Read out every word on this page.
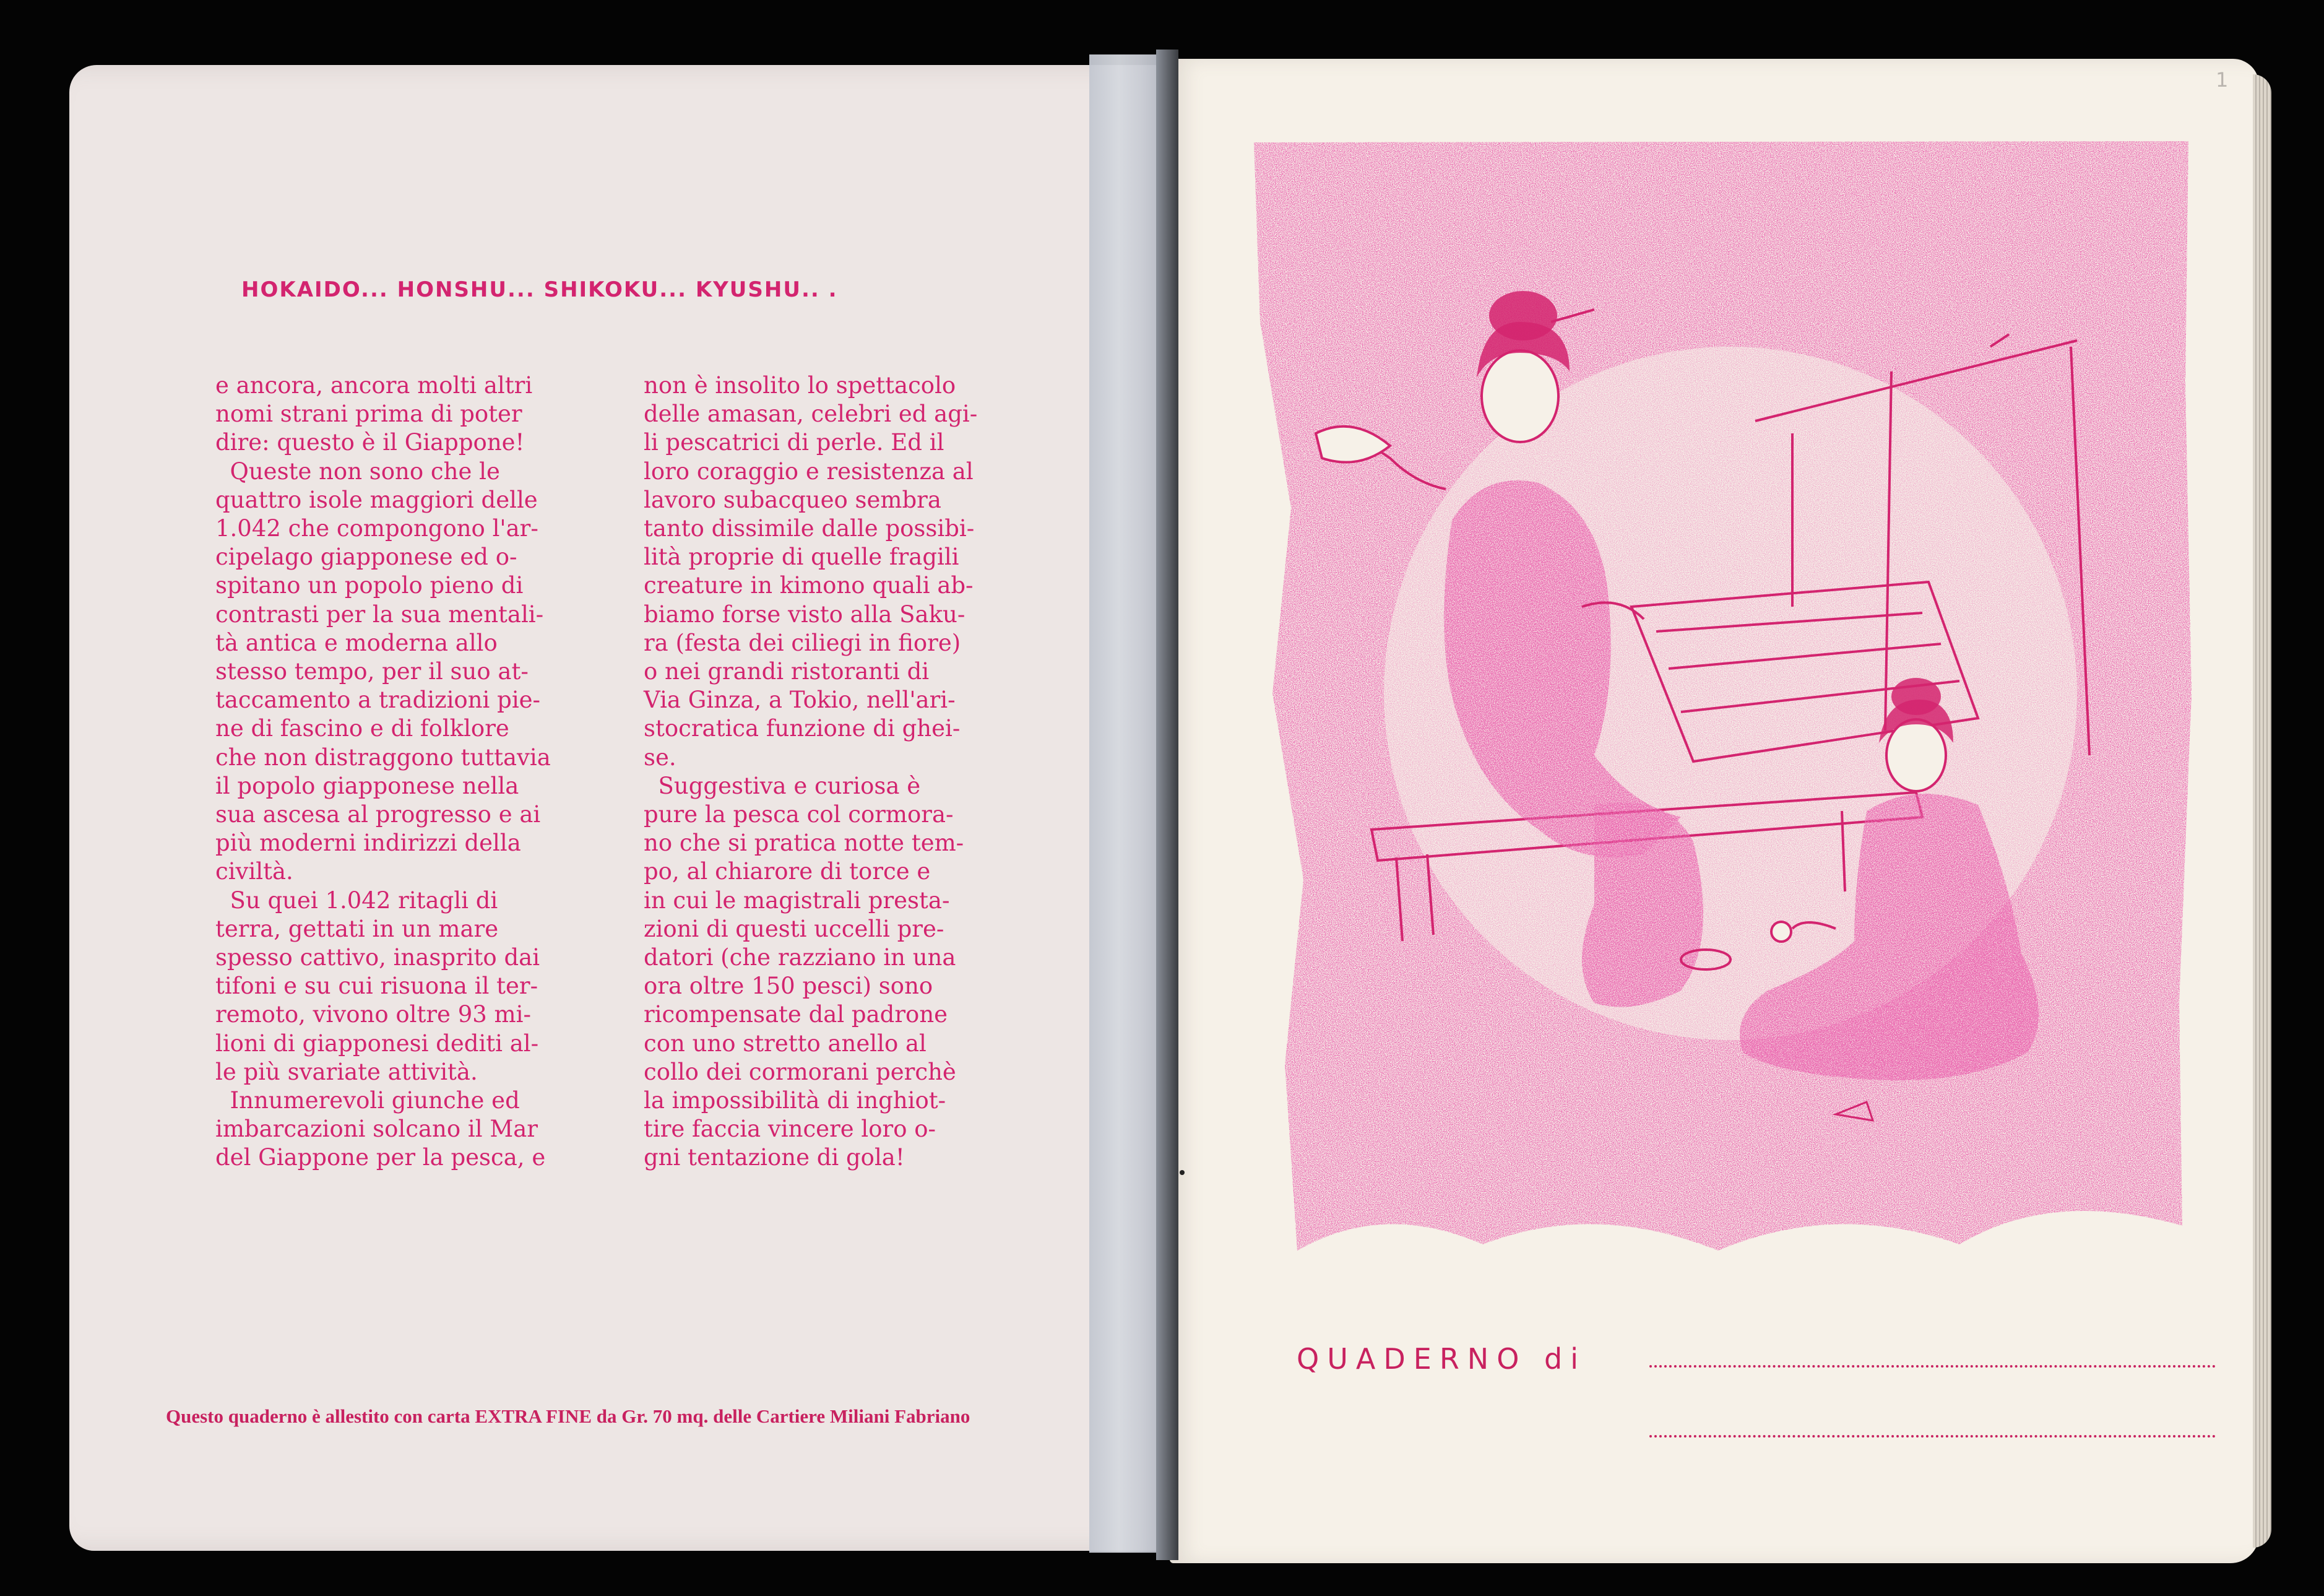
HOKAIDO... HONSHU... SHIKOKU... KYUSHU.. .
e ancora, ancora molti altri
nomi strani prima di poter
dire: questo è il Giappone!
Queste non sono che le
quattro isole maggiori delle
1.042 che compongono l'ar-
cipelago giapponese ed o-
spitano un popolo pieno di
contrasti per la sua mentali-
tà antica e moderna allo
stesso tempo, per il suo at-
taccamento a tradizioni pie-
ne di fascino e di folklore
che non distraggono tuttavia
il popolo giapponese nella
sua ascesa al progresso e ai
più moderni indirizzi della
civiltà.
Su quei 1.042 ritagli di
terra, gettati in un mare
spesso cattivo, inasprito dai
tifoni e su cui risuona il ter-
remoto, vivono oltre 93 mi-
lioni di giapponesi dediti al-
le più svariate attività.
Innumerevoli giunche ed
imbarcazioni solcano il Mar
del Giappone per la pesca, e
non è insolito lo spettacolo
delle amasan, celebri ed agi-
li pescatrici di perle. Ed il
loro coraggio e resistenza al
lavoro subacqueo sembra
tanto dissimile dalle possibi-
lità proprie di quelle fragili
creature in kimono quali ab-
biamo forse visto alla Saku-
ra (festa dei ciliegi in fiore)
o nei grandi ristoranti di
Via Ginza, a Tokio, nell'ari-
stocratica funzione di ghei-
se.
Suggestiva e curiosa è
pure la pesca col cormora-
no che si pratica notte tem-
po, al chiarore di torce e
in cui le magistrali presta-
zioni di questi uccelli pre-
datori (che razziano in una
ora oltre 150 pesci) sono
ricompensate dal padrone
con uno stretto anello al
collo dei cormorani perchè
la impossibilità di inghiot-
tire faccia vincere loro o-
gni tentazione di gola!
Questo quaderno è allestito con carta EXTRA FINE da Gr. 70 mq. delle Cartiere Miliani Fabriano
1
QUADERNO di
